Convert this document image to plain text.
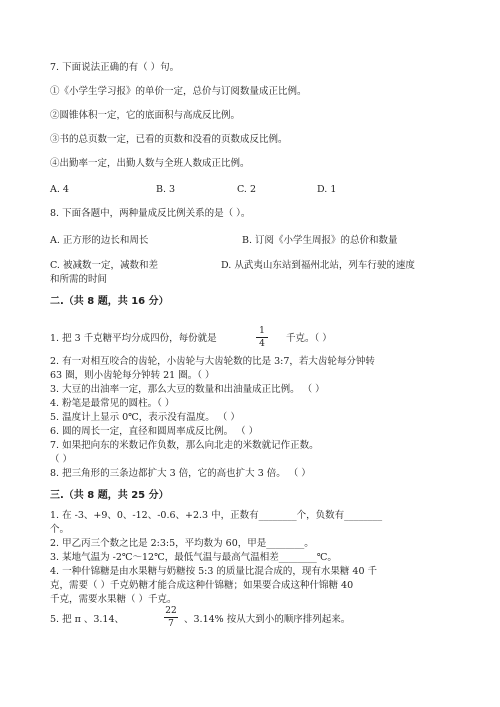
7. 下面说法正确的有（ ）句。
①《小学生学习报》的单价一定，总价与订阅数量成正比例。
②圆锥体积一定，它的底面积与高成反比例。
③书的总页数一定，已看的页数和没看的页数成反比例。
④出勤率一定，出勤人数与全班人数成正比例。
A. 4	B. 3	C. 2	D. 1
8. 下面各题中，两种量成反比例关系的是（ ）。
A. 正方形的边长和周长	B. 订阅《小学生周报》的总价和数量
C. 被减数一定，减数和差	D. 从武夷山东站到福州北站，列车行驶的速度
和所需的时间
二.（共 8 题，共 16 分）
1. 把 3 千克糖平均分成四份，每份就是
1
4	千克。（ ）
2. 有一对相互咬合的齿轮，小齿轮与大齿轮数的比是 3:7，若大齿轮每分钟转
63 圈，则小齿轮每分钟转 21 圈。（ ）
3. 大豆的出油率一定，那么大豆的数量和出油量成正比例。 （ ）
4. 粉笔是最常见的圆柱。（ ）
5. 温度计上显示 0℃，表示没有温度。 （ ）
6. 圆的周长一定，直径和圆周率成反比例。 （ ）
7. 如果把向东的米数记作负数，那么向北走的米数就记作正数。
（ ）
8. 把三角形的三条边都扩大 3 倍，它的高也扩大 3 倍。 （ ）
三.（共 8 题，共 25 分）
1. 在 -3、+9、0、-12、-0.6、+2.3 中，正数有________个，负数有________
个。
2. 甲乙丙三个数之比是 2:3:5，平均数为 60，甲是________。
3. 某地气温为 -2℃～12℃，最低气温与最高气温相差________℃。
4. 一种什锦糖是由水果糖与奶糖按 5:3 的质量比混合成的，现有水果糖 40 千
克，需要（ ）千克奶糖才能合成这种什锦糖；如果要合成这种什锦糖 40
千克，需要水果糖（ ）千克。
5. 把 π 、3.14、
22
7	、3.14% 按从大到小的顺序排列起来。
